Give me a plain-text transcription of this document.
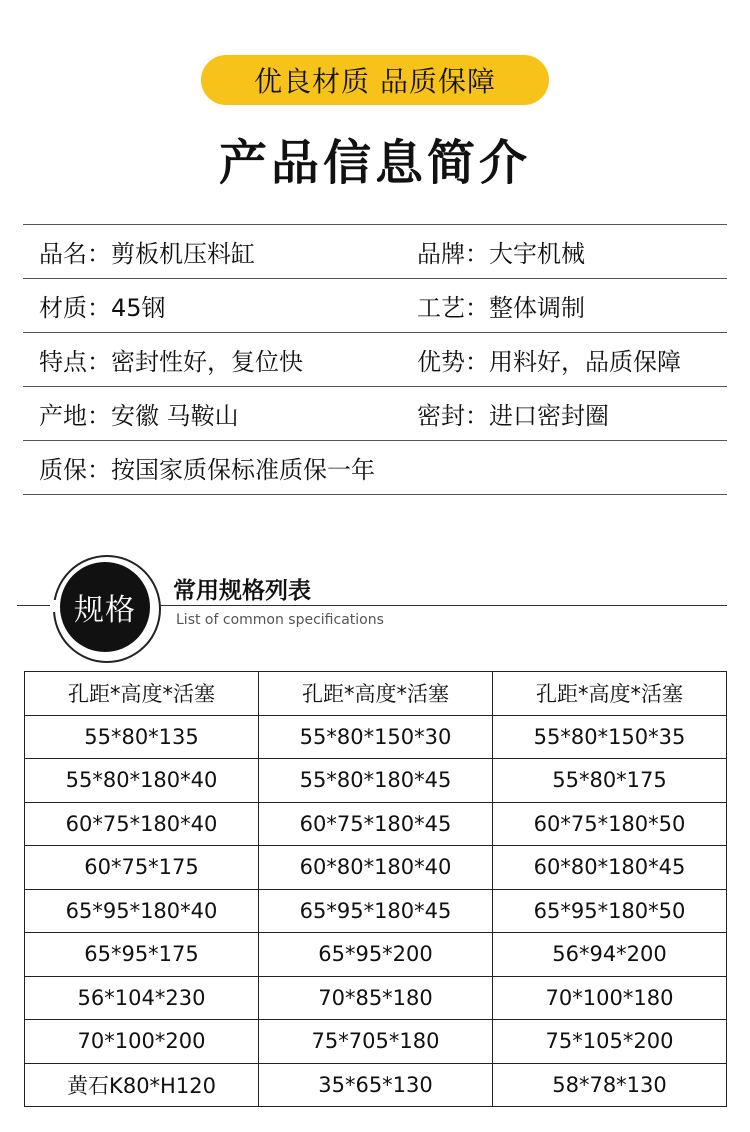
优良材质 品质保障
产品信息简介
品名：剪板机压料缸	品牌：大宇机械
材质：45钢	工艺：整体调制
特点：密封性好，复位快	优势：用料好，品质保障
产地：安徽 马鞍山	密封：进口密封圈
质保：按国家质保标准质保一年
规格
常用规格列表
List of common specifications
孔距*高度*活塞	孔距*高度*活塞	孔距*高度*活塞
55*80*135	55*80*150*30	55*80*150*35
55*80*180*40	55*80*180*45	55*80*175
60*75*180*40	60*75*180*45	60*75*180*50
60*75*175	60*80*180*40	60*80*180*45
65*95*180*40	65*95*180*45	65*95*180*50
65*95*175	65*95*200	56*94*200
56*104*230	70*85*180	70*100*180
70*100*200	75*705*180	75*105*200
黄石K80*H120	35*65*130	58*78*130
